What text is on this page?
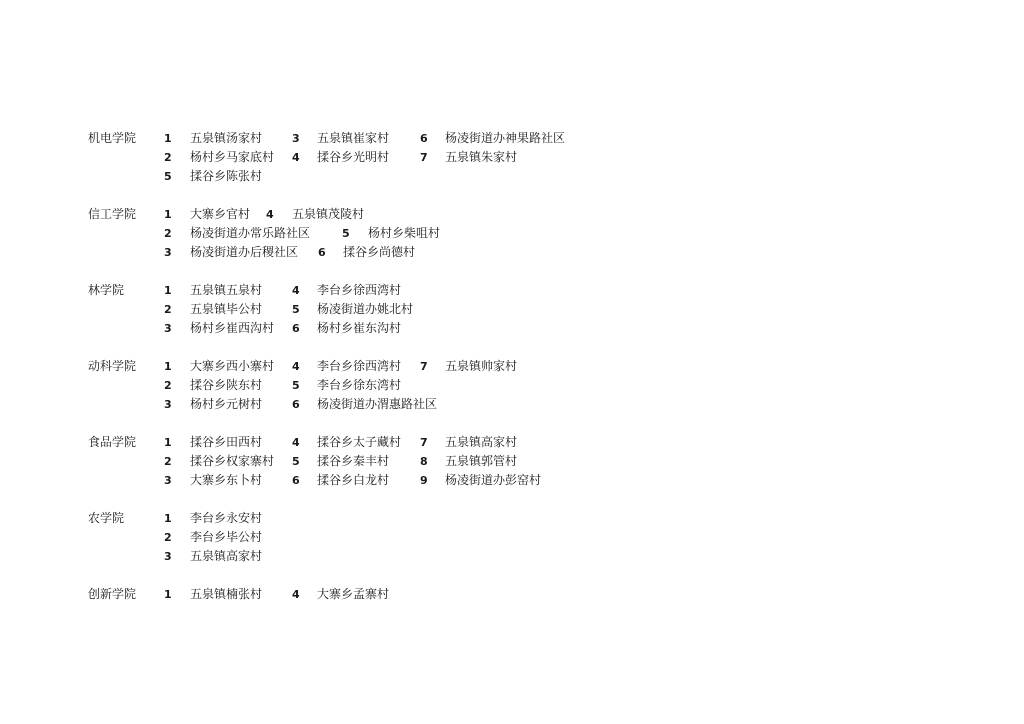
机电学院	1 五泉镇汤家村	3 五泉镇崔家村	6 杨凌街道办神果路社区
2 杨村乡马家底村 4 揉谷乡光明村	7 五泉镇朱家村
5 揉谷乡陈张村
信工学院	1 大寨乡官村 4 五泉镇茂陵村
2 杨凌街道办常乐路社区	5 杨村乡柴咀村
3 杨凌街道办后稷社区 6 揉谷乡尚德村
林学院	1 五泉镇五泉村	4 李台乡徐西湾村
2 五泉镇毕公村	5 杨凌街道办姚北村
3 杨村乡崔西沟村 6 杨村乡崔东沟村
动科学院	1 大寨乡西小寨村 4 李台乡徐西湾村 7 五泉镇帅家村
2 揉谷乡陕东村	5 李台乡徐东湾村
3 杨村乡元树村	6 杨凌街道办渭惠路社区
食品学院	1 揉谷乡田西村	4 揉谷乡太子藏村 7 五泉镇高家村
2 揉谷乡权家寨村 5 揉谷乡秦丰村	8 五泉镇郭管村
3 大寨乡东卜村	6 揉谷乡白龙村	9 杨凌街道办彭窑村
农学院	1 李台乡永安村
2 李台乡毕公村
3 五泉镇高家村
创新学院	1 五泉镇楠张村	4 大寨乡孟寨村
